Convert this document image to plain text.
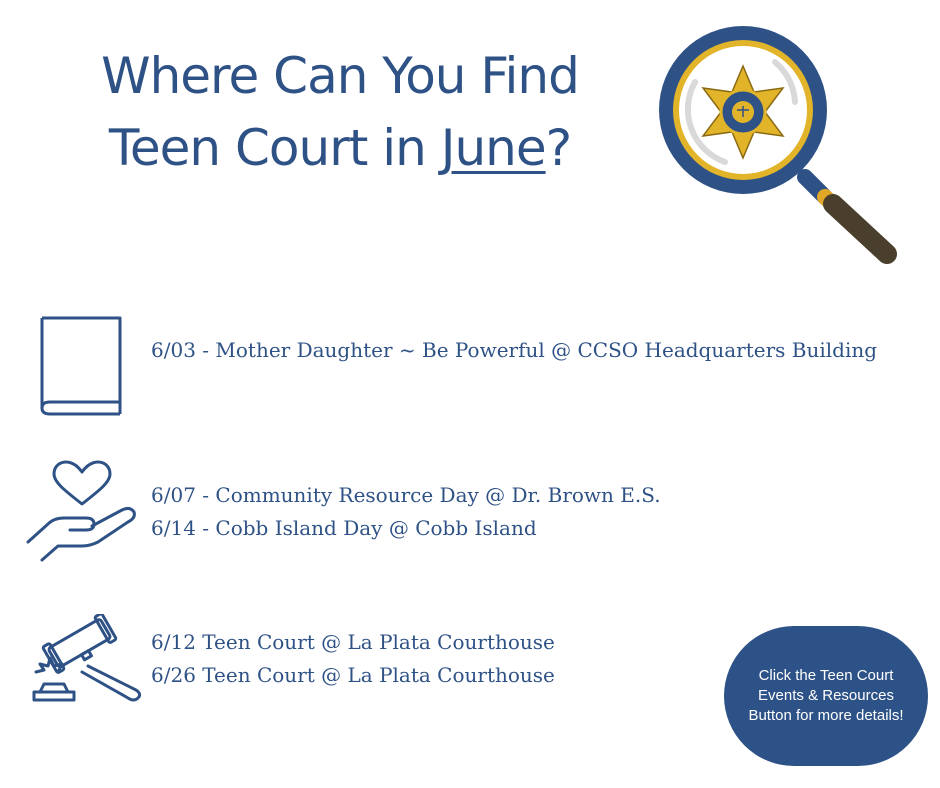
Where Can You Find
Teen Court in June?
6/03 - Mother Daughter ~ Be Powerful @ CCSO Headquarters Building
6/07 - Community Resource Day @ Dr. Brown E.S.
6/14 - Cobb Island Day @ Cobb Island
6/12 Teen Court @ La Plata Courthouse
6/26 Teen Court @ La Plata Courthouse	Click the Teen Court Events & Resources Button for more details!
